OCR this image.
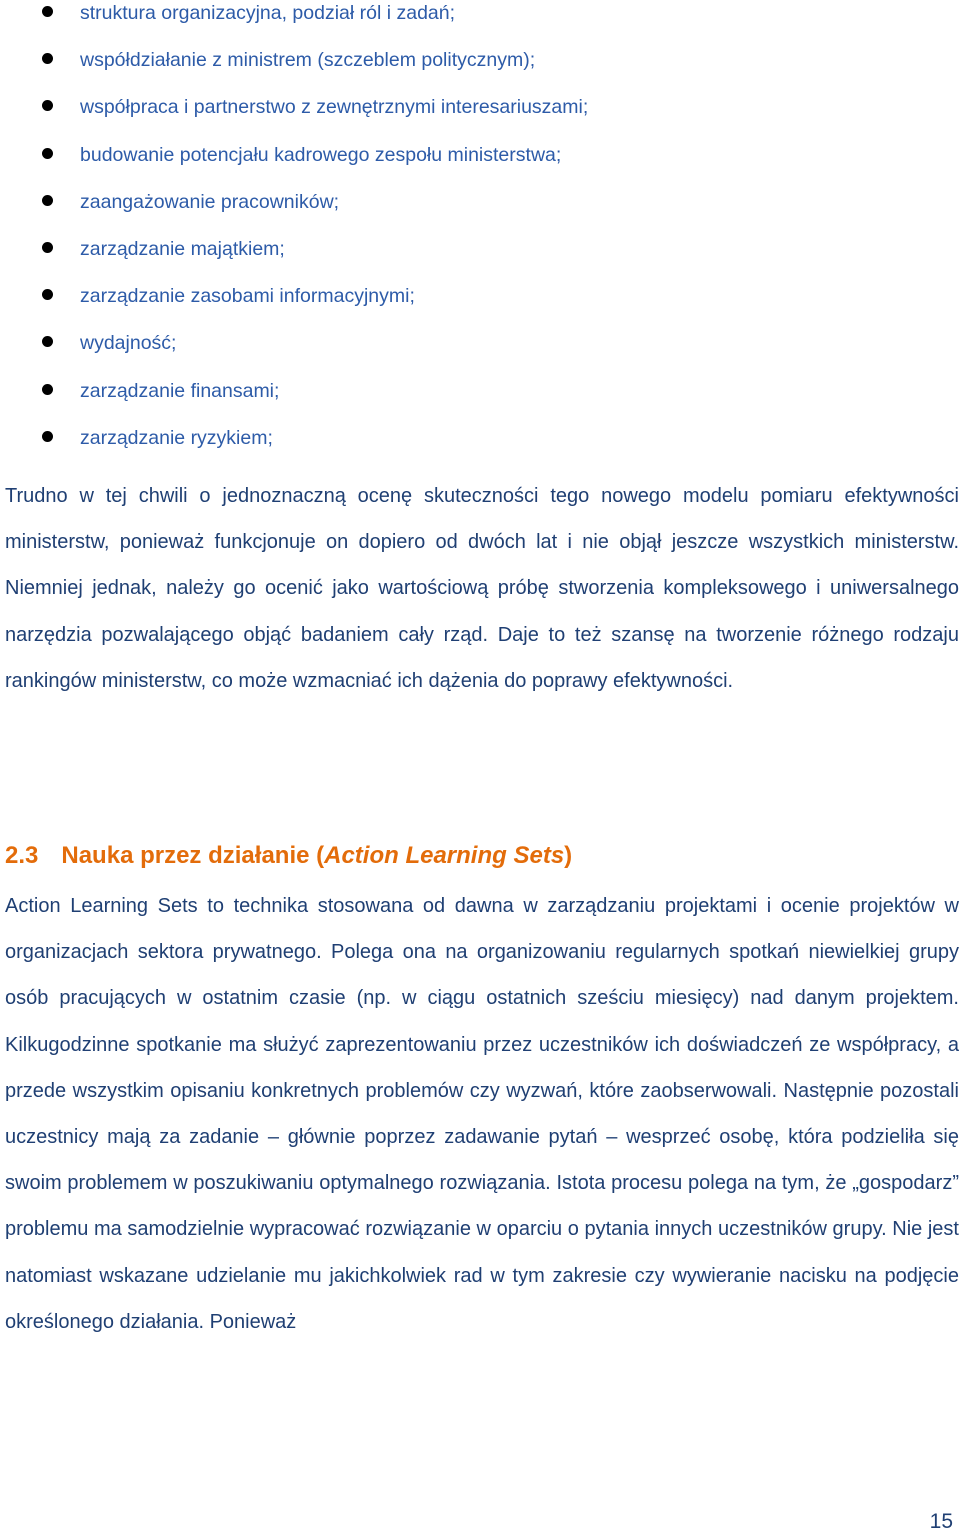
struktura organizacyjna, podział ról i zadań;
współdziałanie z ministrem (szczeblem politycznym);
współpraca i partnerstwo z zewnętrznymi interesariuszami;
budowanie potencjału kadrowego zespołu ministerstwa;
zaangażowanie pracowników;
zarządzanie majątkiem;
zarządzanie zasobami informacyjnymi;
wydajność;
zarządzanie finansami;
zarządzanie ryzykiem;

Trudno w tej chwili o jednoznaczną ocenę skuteczności tego nowego modelu pomiaru efektywności ministerstw, ponieważ funkcjonuje on dopiero od dwóch lat i nie objął jeszcze wszystkich ministerstw. Niemniej jednak, należy go ocenić jako wartościową próbę stworzenia kompleksowego i uniwersalnego narzędzia pozwalającego objąć badaniem cały rząd. Daje to też szansę na tworzenie różnego rodzaju rankingów ministerstw, co może wzmacniać ich dążenia do poprawy efektywności.

2.3 Nauka przez działanie (Action Learning Sets)

Action Learning Sets to technika stosowana od dawna w zarządzaniu projektami i ocenie projektów w organizacjach sektora prywatnego. Polega ona na organizowaniu regularnych spotkań niewielkiej grupy osób pracujących w ostatnim czasie (np. w ciągu ostatnich sześciu miesięcy) nad danym projektem. Kilkugodzinne spotkanie ma służyć zaprezentowaniu przez uczestników ich doświadczeń ze współpracy, a przede wszystkim opisaniu konkretnych problemów czy wyzwań, które zaobserwowali. Następnie pozostali uczestnicy mają za zadanie – głównie poprzez zadawanie pytań – wesprzeć osobę, która podzieliła się swoim problemem w poszukiwaniu optymalnego rozwiązania. Istota procesu polega na tym, że „gospodarz” problemu ma samodzielnie wypracować rozwiązanie w oparciu o pytania innych uczestników grupy. Nie jest natomiast wskazane udzielanie mu jakichkolwiek rad w tym zakresie czy wywieranie nacisku na podjęcie określonego działania. Ponieważ

15
